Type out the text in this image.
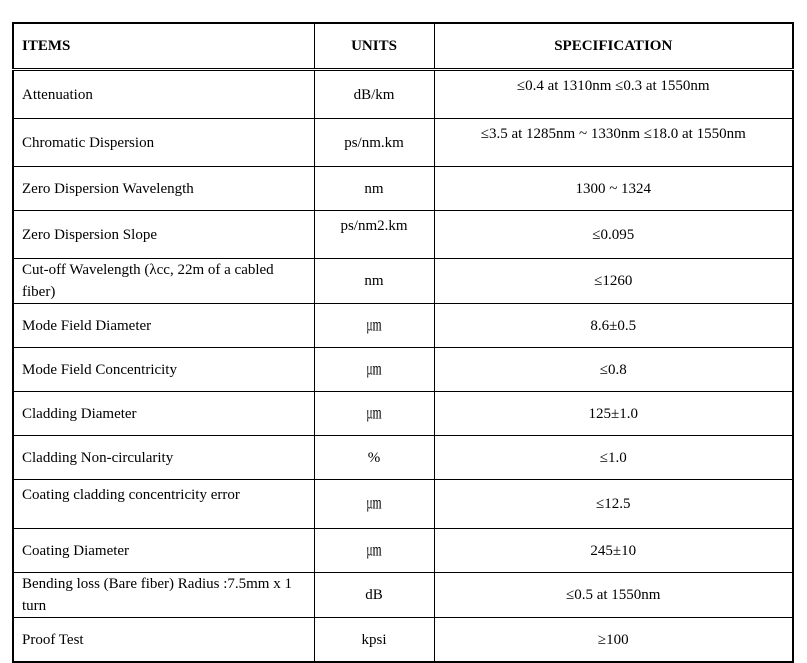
ITEMS	UNITS	SPECIFICATION
Attenuation	dB/km	≤0.4 at 1310nm ≤0.3 at 1550nm
Chromatic Dispersion	ps/nm.km	≤3.5 at 1285nm ~ 1330nm ≤18.0 at 1550nm
Zero Dispersion Wavelength	nm	1300 ~ 1324
Zero Dispersion Slope	ps/nm2.km	≤0.095
Cut-off Wavelength (λcc, 22m of a cabled fiber)	nm	≤1260
Mode Field Diameter	㎛	8.6±0.5
Mode Field Concentricity	㎛	≤0.8
Cladding Diameter	㎛	125±1.0
Cladding Non-circularity	%	≤1.0
Coating cladding concentricity error	㎛	≤12.5
Coating Diameter	㎛	245±10
Bending loss (Bare fiber) Radius :7.5mm x 1 turn	dB	≤0.5 at 1550nm
Proof Test	kpsi	≥100
